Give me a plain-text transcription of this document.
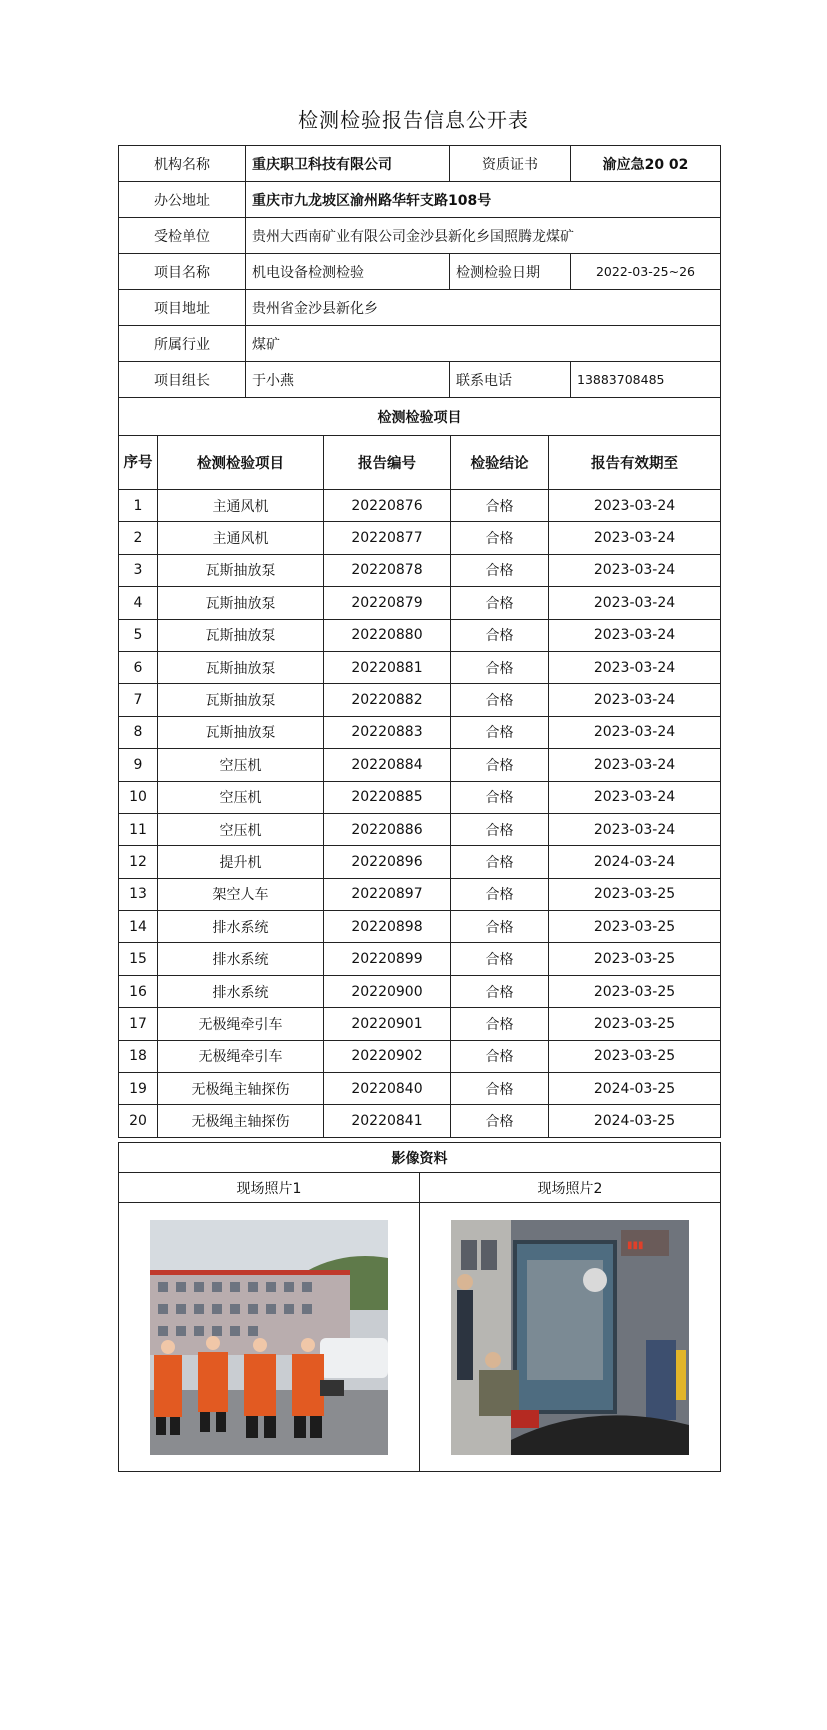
检测检验报告信息公开表
机构名称	重庆职卫科技有限公司	资质证书	渝应急20 02
办公地址	重庆市九龙坡区渝州路华轩支路108号		
受检单位	贵州大西南矿业有限公司金沙县新化乡国照腾龙煤矿		
项目名称	机电设备检测检验	检测检验日期	2022-03-25~26
项目地址	贵州省金沙县新化乡		
所属行业	煤矿		
项目组长	于小燕	联系电话	13883708485
检测检验项目				
序号	检测检验项目	报告编号	检验结论	报告有效期至
1	主通风机	20220876	合格	2023-03-24
2	主通风机	20220877	合格	2023-03-24
3	瓦斯抽放泵	20220878	合格	2023-03-24
4	瓦斯抽放泵	20220879	合格	2023-03-24
5	瓦斯抽放泵	20220880	合格	2023-03-24
6	瓦斯抽放泵	20220881	合格	2023-03-24
7	瓦斯抽放泵	20220882	合格	2023-03-24
8	瓦斯抽放泵	20220883	合格	2023-03-24
9	空压机	20220884	合格	2023-03-24
10	空压机	20220885	合格	2023-03-24
11	空压机	20220886	合格	2023-03-24
12	提升机	20220896	合格	2024-03-24
13	架空人车	20220897	合格	2023-03-25
14	排水系统	20220898	合格	2023-03-25
15	排水系统	20220899	合格	2023-03-25
16	排水系统	20220900	合格	2023-03-25
17	无极绳牵引车	20220901	合格	2023-03-25
18	无极绳牵引车	20220902	合格	2023-03-25
19	无极绳主轴探伤	20220840	合格	2024-03-25
20	无极绳主轴探伤	20220841	合格	2024-03-25
影像资料	
现场照片1	现场照片2

▮▮▮
